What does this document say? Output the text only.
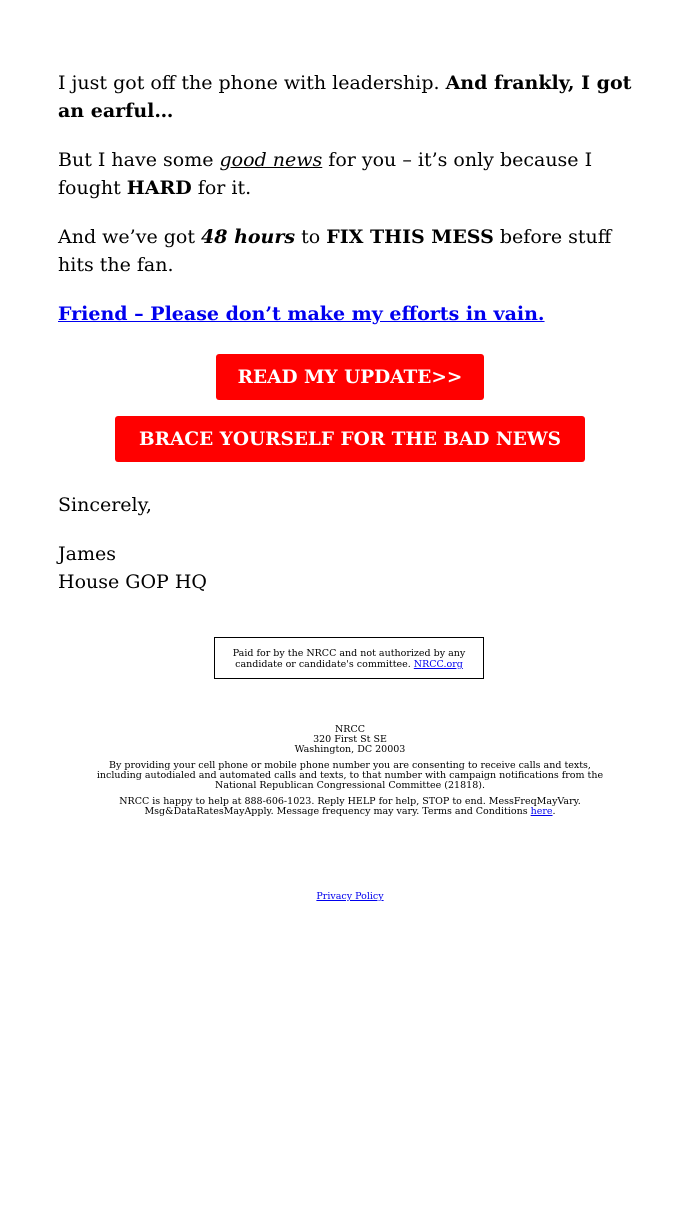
I just got off the phone with leadership. And frankly, I got an earful…

But I have some good news for you – it’s only because I fought HARD for it.

And we’ve got 48 hours to FIX THIS MESS before stuff hits the fan.

Friend – Please don’t make my efforts in vain.
READ MY UPDATE>>
BRACE YOURSELF FOR THE BAD NEWS
Sincerely,
James
House GOP HQ
Paid for by the NRCC and not authorized by any candidate or candidate's committee. NRCC.org

NRCC
320 First St SE
Washington, DC 20003

By providing your cell phone or mobile phone number you are consenting to receive calls and texts, including autodialed and automated calls and texts, to that number with campaign notifications from the National Republican Congressional Committee (21818).

NRCC is happy to help at 888-606-1023. Reply HELP for help, STOP to end. MessFreqMayVary. Msg&DataRatesMayApply. Message frequency may vary. Terms and Conditions here.

Privacy Policy
